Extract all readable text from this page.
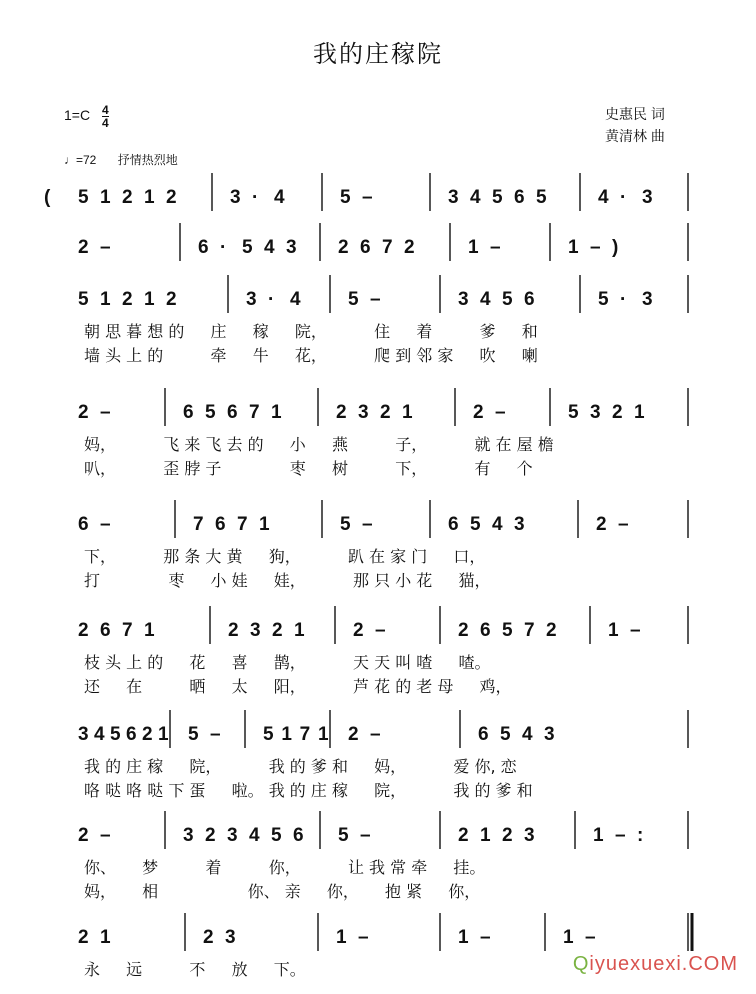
我的庄稼院
$1=C \frac{4}{4}$	史惠民 词
黄清林 曲
♩=72 抒情热烈地
( 5 1 2 1 2	3 · 4	5 –	3 4 5 6 5	4 · 3
2 –	6 · 5 4 3 2 6 7 2	1 –	1 – )
5 1 2 1 2	3 · 4 5 –	3 4 5 6	5 · 3
朝 思 暮 想 的 　 庄 　 稼 　 院， 　 　 住 　 着 　 　 爹 　 和
墙 头 上 的 　 　 牵 　 牛 　 花， 　 　 爬 到 邻 家 　 吹 　 喇
2 –	6 5 6 7 1	2 3 2 1	2 –	5 3 2 1
妈， 　 　 飞 来 飞 去 的 　 小 　 燕 　 　 子， 　 　 就 在 屋 檐
叭， 　 　 歪 脖 子 　 　 　 枣 　 树 　 　 下， 　 　 有 　 个
6 –	7 6 7 1	5 –	6 5 4 3	2 –
下， 　 　 那 条 大 黄 　 狗， 　 　 趴 在 家 门 　 口，
打 　 　 　 枣 　 小 娃 　 娃， 　 　 那 只 小 花 　 猫，
2 6 7 1	2 3 2 1	2 –	2 6 5 7 2	1 –
枝 头 上 的 　 花 　 喜 　 鹊， 　 　 天 天 叫 喳 　 喳。
还 　 在 　 　 晒 　 太 　 阳， 　 　 芦 花 的 老 母 　 鸡，
3 4 5 6 2 1 5 – 5 1 7 1 2 –	6 5 4 3
我 的 庄 稼 　 院， 　 　 我 的 爹 和 　 妈， 　 　 爱 你, 恋
咯 哒 咯 哒 下 蛋 　 啦。 我 的 庄 稼 　 院， 　 　 我 的 爹 和
2 –	3 2 3 4 5 6 5 –	2 1 2 3	1 – :
你、 　 梦 　 　 着 　 　 你， 　 　 让 我 常 牵 　 挂。
妈， 　 相 　 　 　 　 你、 亲 　 你， 　 抱 紧 　 你，
2 1	2 3	1 –	1 –	1 –
永 　 远 　 　 不 　 放 　 下。	Qiyuexuexi.COM
